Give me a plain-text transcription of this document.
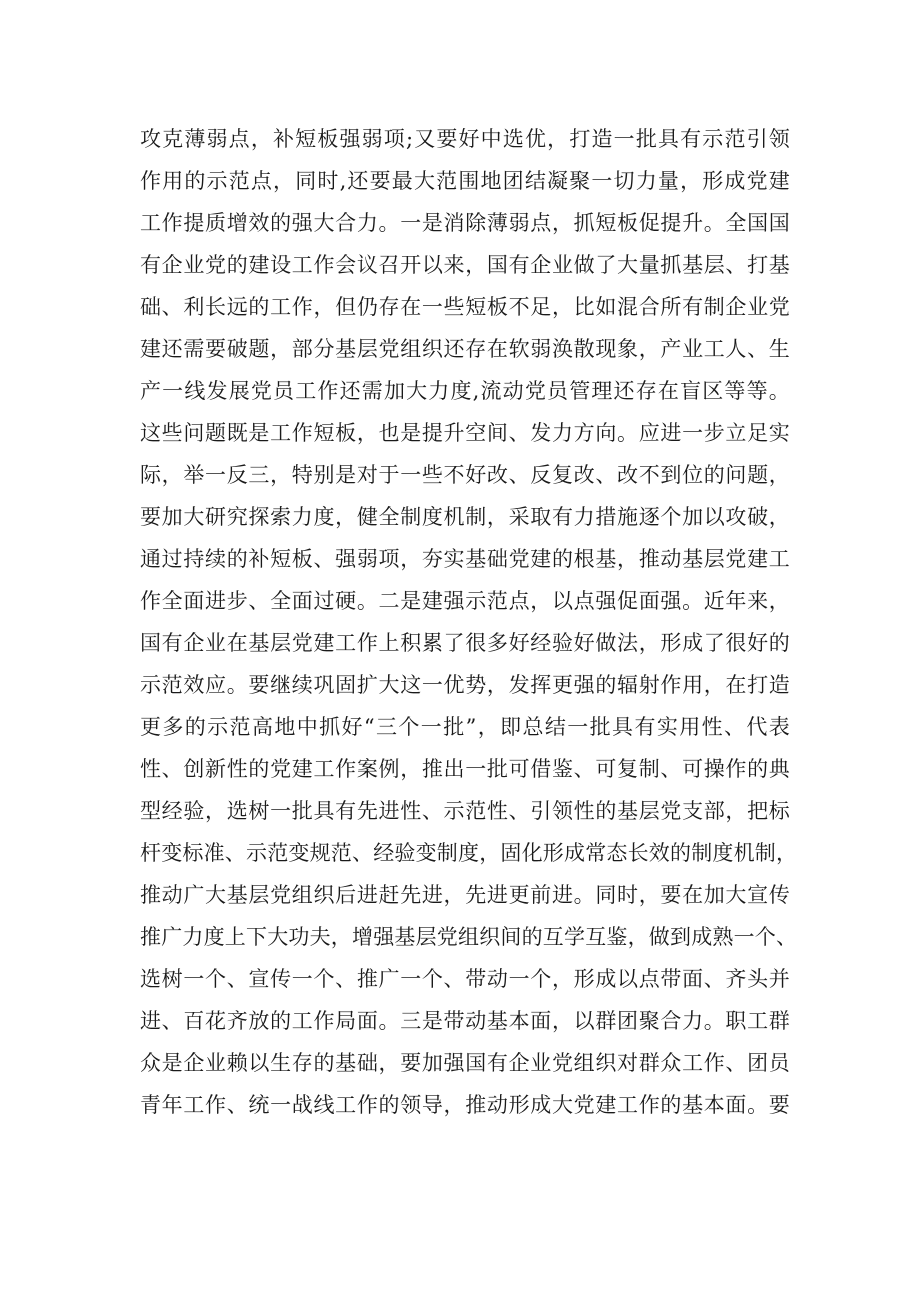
攻克薄弱点，补短板强弱项;又要好中选优，打造一批具有示范引领
作用的示范点，同时,还要最大范围地团结凝聚一切力量，形成党建
工作提质增效的强大合力。一是消除薄弱点，抓短板促提升。全国国
有企业党的建设工作会议召开以来，国有企业做了大量抓基层、打基
础、利长远的工作，但仍存在一些短板不足，比如混合所有制企业党
建还需要破题，部分基层党组织还存在软弱涣散现象，产业工人、生
产一线发展党员工作还需加大力度,流动党员管理还存在盲区等等。
这些问题既是工作短板，也是提升空间、发力方向。应进一步立足实
际，举一反三，特别是对于一些不好改、反复改、改不到位的问题，
要加大研究探索力度，健全制度机制，采取有力措施逐个加以攻破，
通过持续的补短板、强弱项，夯实基础党建的根基，推动基层党建工
作全面进步、全面过硬。二是建强示范点，以点强促面强。近年来，
国有企业在基层党建工作上积累了很多好经验好做法，形成了很好的
示范效应。要继续巩固扩大这一优势，发挥更强的辐射作用，在打造
更多的示范高地中抓好“三个一批”，即总结一批具有实用性、代表
性、创新性的党建工作案例，推出一批可借鉴、可复制、可操作的典
型经验，选树一批具有先进性、示范性、引领性的基层党支部，把标
杆变标准、示范变规范、经验变制度，固化形成常态长效的制度机制，
推动广大基层党组织后进赶先进，先进更前进。同时，要在加大宣传
推广力度上下大功夫，增强基层党组织间的互学互鉴，做到成熟一个、
选树一个、宣传一个、推广一个、带动一个，形成以点带面、齐头并
进、百花齐放的工作局面。三是带动基本面，以群团聚合力。职工群
众是企业赖以生存的基础，要加强国有企业党组织对群众工作、团员
青年工作、统一战线工作的领导，推动形成大党建工作的基本面。要
